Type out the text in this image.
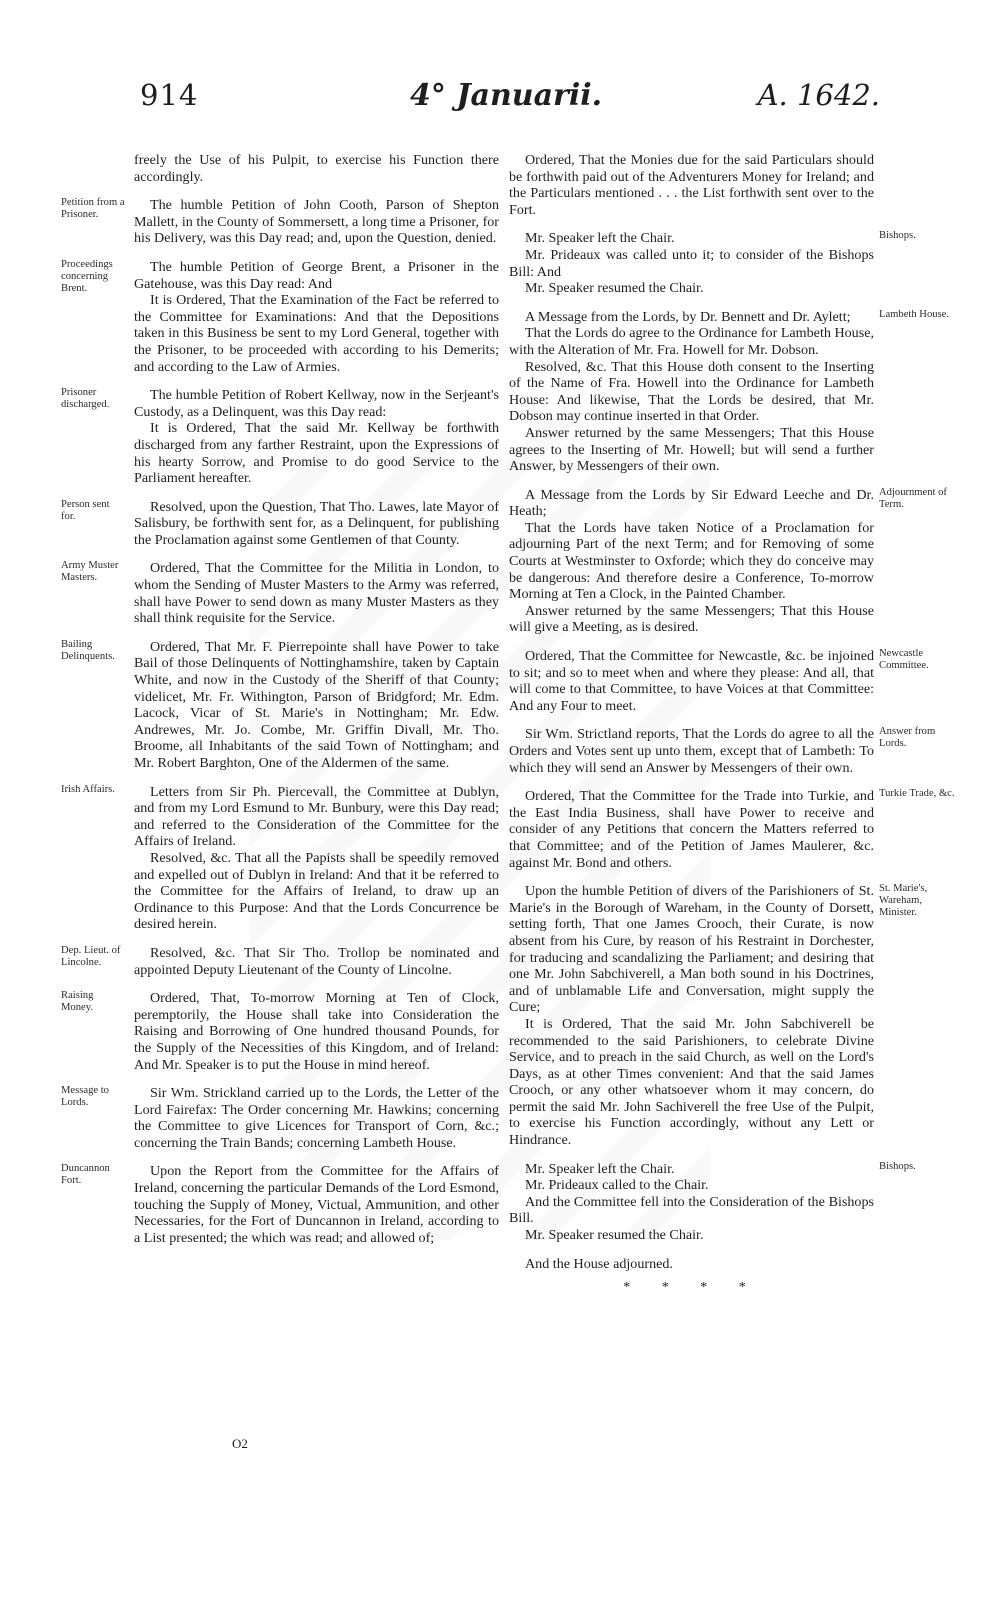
914	4° Januarii.	A. 1642.

freely the Use of his Pulpit, to exercise his Function there accordingly.

Petition from a Prisoner.
The humble Petition of John Cooth, Parson of Shepton Mallett, in the County of Sommersett, a long time a Prisoner, for his Delivery, was this Day read; and, upon the Question, denied.

Proceedings concerning Brent.
The humble Petition of George Brent, a Prisoner in the Gatehouse, was this Day read: And

It is Ordered, That the Examination of the Fact be referred to the Committee for Examinations: And that the Depositions taken in this Business be sent to my Lord General, together with the Prisoner, to be proceeded with according to his Demerits; and according to the Law of Armies.

Prisoner discharged.
The humble Petition of Robert Kellway, now in the Serjeant's Custody, as a Delinquent, was this Day read:

It is Ordered, That the said Mr. Kellway be forthwith discharged from any farther Restraint, upon the Expressions of his hearty Sorrow, and Promise to do good Service to the Parliament hereafter.

Person sent for.
Resolved, upon the Question, That Tho. Lawes, late Mayor of Salisbury, be forthwith sent for, as a Delinquent, for publishing the Proclamation against some Gentlemen of that County.

Army Muster Masters.
Ordered, That the Committee for the Militia in London, to whom the Sending of Muster Masters to the Army was referred, shall have Power to send down as many Muster Masters as they shall think requisite for the Service.

Bailing Delinquents.
Ordered, That Mr. F. Pierrepointe shall have Power to take Bail of those Delinquents of Nottinghamshire, taken by Captain White, and now in the Custody of the Sheriff of that County; videlicet, Mr. Fr. Withington, Parson of Bridgford; Mr. Edm. Lacock, Vicar of St. Marie's in Nottingham; Mr. Edw. Andrewes, Mr. Jo. Combe, Mr. Griffin Divall, Mr. Tho. Broome, all Inhabitants of the said Town of Nottingham; and Mr. Robert Barghton, One of the Aldermen of the same.

Irish Affairs.	Letters from Sir Ph. Piercevall, the Committee at Dublyn, and from my Lord Esmund to Mr. Bunbury, were this Day read; and referred to the Consideration of the Committee for the Affairs of Ireland.

Resolved, &c. That all the Papists shall be speedily removed and expelled out of Dublyn in Ireland: And that it be referred to the Committee for the Affairs of Ireland, to draw up an Ordinance to this Purpose: And that the Lords Concurrence be desired herein.

Dep. Lieut. of Lincolne.
Resolved, &c. That Sir Tho. Trollop be nominated and appointed Deputy Lieutenant of the County of Lincolne.

Raising Money.
Ordered, That, To-morrow Morning at Ten of Clock, peremptorily, the House shall take into Consideration the Raising and Borrowing of One hundred thousand Pounds, for the Supply of the Necessities of this Kingdom, and of Ireland: And Mr. Speaker is to put the House in mind hereof.

Message to Lords.
Sir Wm. Strickland carried up to the Lords, the Letter of the Lord Fairefax: The Order concerning Mr. Hawkins; concerning the Committee to give Licences for Transport of Corn, &c.; concerning the Train Bands; concerning Lambeth House.

Duncannon Fort.
Upon the Report from the Committee for the Affairs of Ireland, concerning the particular Demands of the Lord Esmond, touching the Supply of Money, Victual, Ammunition, and other Necessaries, for the Fort of Duncannon in Ireland, according to a List presented; the which was read; and allowed of;

Ordered, That the Monies due for the said Particulars should be forthwith paid out of the Adventurers Money for Ireland; and the Particulars mentioned . . . the List forthwith sent over to the Fort.

Bishops.
Mr. Speaker left the Chair.

Mr. Prideaux was called unto it; to consider of the Bishops Bill: And

Mr. Speaker resumed the Chair.

Lambeth House.
A Message from the Lords, by Dr. Bennett and Dr. Aylett;

That the Lords do agree to the Ordinance for Lambeth House, with the Alteration of Mr. Fra. Howell for Mr. Dobson.

Resolved, &c. That this House doth consent to the Inserting of the Name of Fra. Howell into the Ordinance for Lambeth House: And likewise, That the Lords be desired, that Mr. Dobson may continue inserted in that Order.

Answer returned by the same Messengers; That this House agrees to the Inserting of Mr. Howell; but will send a further Answer, by Messengers of their own.

Adjournment of Term.
A Message from the Lords by Sir Edward Leeche and Dr. Heath;

That the Lords have taken Notice of a Proclamation for adjourning Part of the next Term; and for Removing of some Courts at Westminster to Oxforde; which they do conceive may be dangerous: And therefore desire a Conference, To-morrow Morning at Ten a Clock, in the Painted Chamber.

Answer returned by the same Messengers; That this House will give a Meeting, as is desired.

Newcastle Committee.
Ordered, That the Committee for Newcastle, &c. be injoined to sit; and so to meet when and where they please: And all, that will come to that Committee, to have Voices at that Committee: And any Four to meet.

Answer from Lords.
Sir Wm. Strictland reports, That the Lords do agree to all the Orders and Votes sent up unto them, except that of Lambeth: To which they will send an Answer by Messengers of their own.

Turkie Trade, &c.
Ordered, That the Committee for the Trade into Turkie, and the East India Business, shall have Power to receive and consider of any Petitions that concern the Matters referred to that Committee; and of the Petition of James Maulerer, &c. against Mr. Bond and others.

St. Marie's, Wareham, Minister.
Upon the humble Petition of divers of the Parishioners of St. Marie's in the Borough of Wareham, in the County of Dorsett, setting forth, That one James Crooch, their Curate, is now absent from his Cure, by reason of his Restraint in Dorchester, for traducing and scandalizing the Parliament; and desiring that one Mr. John Sabchiverell, a Man both sound in his Doctrines, and of unblamable Life and Conversation, might supply the Cure;

It is Ordered, That the said Mr. John Sabchiverell be recommended to the said Parishioners, to celebrate Divine Service, and to preach in the said Church, as well on the Lord's Days, as at other Times convenient: And that the said James Crooch, or any other whatsoever whom it may concern, do permit the said Mr. John Sachiverell the free Use of the Pulpit, to exercise his Function accordingly, without any Lett or Hindrance.

Bishops.
Mr. Speaker left the Chair.

Mr. Prideaux called to the Chair.

And the Committee fell into the Consideration of the Bishops Bill.

Mr. Speaker resumed the Chair.

And the House adjourned.

* * * *
O2
